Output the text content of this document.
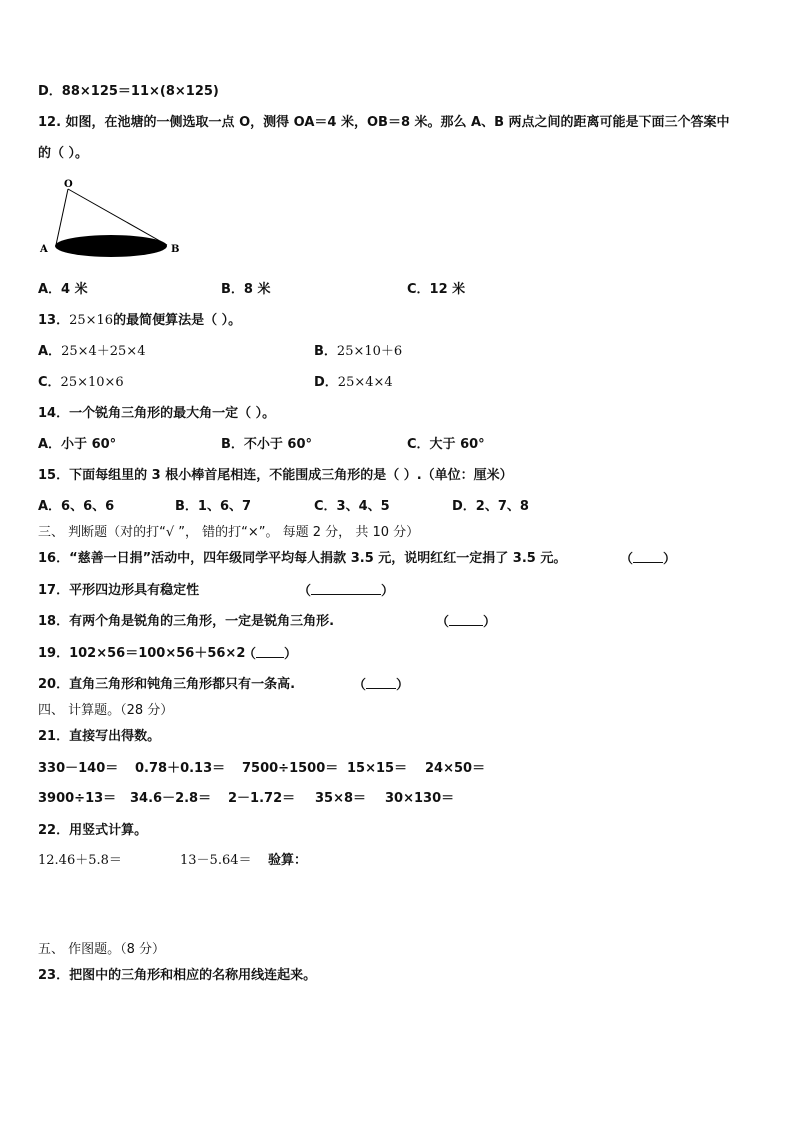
D．88×125＝11×(8×125)
12. 如图，在池塘的一侧选取一点 O，测得 OA＝4 米，OB＝8 米。那么 A、B 两点之间的距离可能是下面三个答案中
的（ ）。
O
A	B
A．4 米	B．8 米	C．12 米
13．25×16的最简便算法是（ ）。
A．25×4＋25×4	B．25×10＋6
C．25×10×6	D．25×4×4
14．一个锐角三角形的最大角一定（ ）。
A．小于 60°	B．不小于 60°	C．大于 60°
15．下面每组里的 3 根小棒首尾相连，不能围成三角形的是（ ）.（单位：厘米）
A．6、6、6	B．1、6、7	C．3、4、5	D．2、7、8
三、 判断题（对的打“√ ”， 错的打“×”。 每题 2 分， 共 10 分）
16．“慈善一日捐”活动中，四年级同学平均每人捐款 3.5 元，说明红红一定捐了 3.5 元。	（ ）
17．平形四边形具有稳定性	（	）
18．有两个角是锐角的三角形，一定是锐角三角形.	（	）
19．102×56＝100×56＋56×2
（ ）
20．直角三角形和钝角三角形都只有一条高.	（ ）
四、 计算题。（28 分）
21．直接写出得数。
330－140＝ 0.78＋0.13＝ 7500÷1500＝ 15×15＝ 24×50＝
3900÷13＝ 34.6－2.8＝ 2－1.72＝ 35×8＝ 30×130＝
22．用竖式计算。
12.46＋5.8＝	13－5.64＝ 验算：
五、 作图题。（8 分）
23．把图中的三角形和相应的名称用线连起来。
